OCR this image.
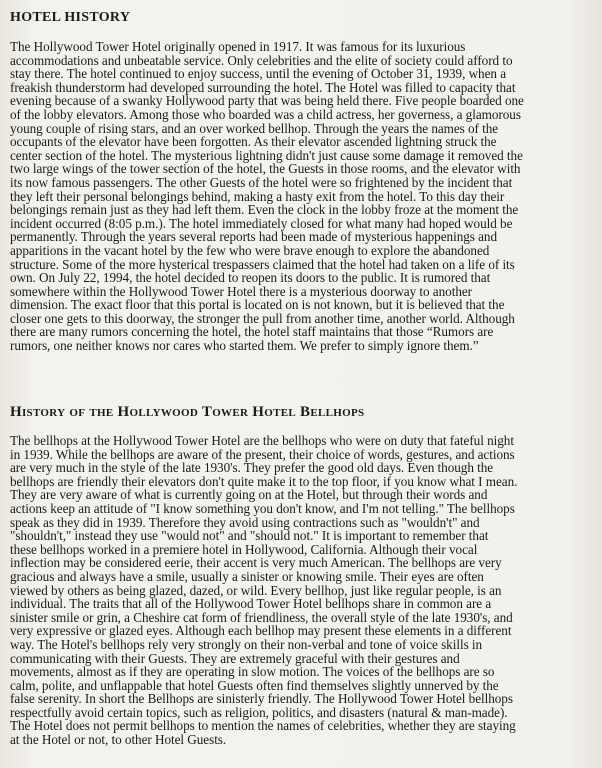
HOTEL HISTORY

The Hollywood Tower Hotel originally opened in 1917. It was famous for its luxurious
accommodations and unbeatable service. Only celebrities and the elite of society could afford to
stay there. The hotel continued to enjoy success, until the evening of October 31, 1939, when a
freakish thunderstorm had developed surrounding the hotel. The Hotel was filled to capacity that
evening because of a swanky Hollywood party that was being held there. Five people boarded one
of the lobby elevators. Among those who boarded was a child actress, her governess, a glamorous
young couple of rising stars, and an over worked bellhop. Through the years the names of the
occupants of the elevator have been forgotten. As their elevator ascended lightning struck the
center section of the hotel. The mysterious lightning didn't just cause some damage it removed the
two large wings of the tower section of the hotel, the Guests in those rooms, and the elevator with
its now famous passengers. The other Guests of the hotel were so frightened by the incident that
they left their personal belongings behind, making a hasty exit from the hotel. To this day their
belongings remain just as they had left them. Even the clock in the lobby froze at the moment the
incident occurred (8:05 p.m.). The hotel immediately closed for what many had hoped would be
permanently. Through the years several reports had been made of mysterious happenings and
apparitions in the vacant hotel by the few who were brave enough to explore the abandoned
structure. Some of the more hysterical trespassers claimed that the hotel had taken on a life of its
own. On July 22, 1994, the hotel decided to reopen its doors to the public. It is rumored that
somewhere within the Hollywood Tower Hotel there is a mysterious doorway to another
dimension. The exact floor that this portal is located on is not known, but it is believed that the
closer one gets to this doorway, the stronger the pull from another time, another world. Although
there are many rumors concerning the hotel, the hotel staff maintains that those “Rumors are
rumors, one neither knows nor cares who started them. We prefer to simply ignore them.”

History of the Hollywood Tower Hotel Bellhops

The bellhops at the Hollywood Tower Hotel are the bellhops who were on duty that fateful night
in 1939. While the bellhops are aware of the present, their choice of words, gestures, and actions
are very much in the style of the late 1930's. They prefer the good old days. Even though the
bellhops are friendly their elevators don't quite make it to the top floor, if you know what I mean.
They are very aware of what is currently going on at the Hotel, but through their words and
actions keep an attitude of "I know something you don't know, and I'm not telling." The bellhops
speak as they did in 1939. Therefore they avoid using contractions such as "wouldn't" and
"shouldn't," instead they use "would not" and "should not." It is important to remember that
these bellhops worked in a premiere hotel in Hollywood, California. Although their vocal
inflection may be considered eerie, their accent is very much American. The bellhops are very
gracious and always have a smile, usually a sinister or knowing smile. Their eyes are often
viewed by others as being glazed, dazed, or wild. Every bellhop, just like regular people, is an
individual. The traits that all of the Hollywood Tower Hotel bellhops share in common are a
sinister smile or grin, a Cheshire cat form of friendliness, the overall style of the late 1930's, and
very expressive or glazed eyes. Although each bellhop may present these elements in a different
way. The Hotel's bellhops rely very strongly on their non-verbal and tone of voice skills in
communicating with their Guests. They are extremely graceful with their gestures and
movements, almost as if they are operating in slow motion. The voices of the bellhops are so
calm, polite, and unflappable that hotel Guests often find themselves slightly unnerved by the
false serenity. In short the Bellhops are sinisterly friendly. The Hollywood Tower Hotel bellhops
respectfully avoid certain topics, such as religion, politics, and disasters (natural & man-made).
The Hotel does not permit bellhops to mention the names of celebrities, whether they are staying
at the Hotel or not, to other Hotel Guests.
